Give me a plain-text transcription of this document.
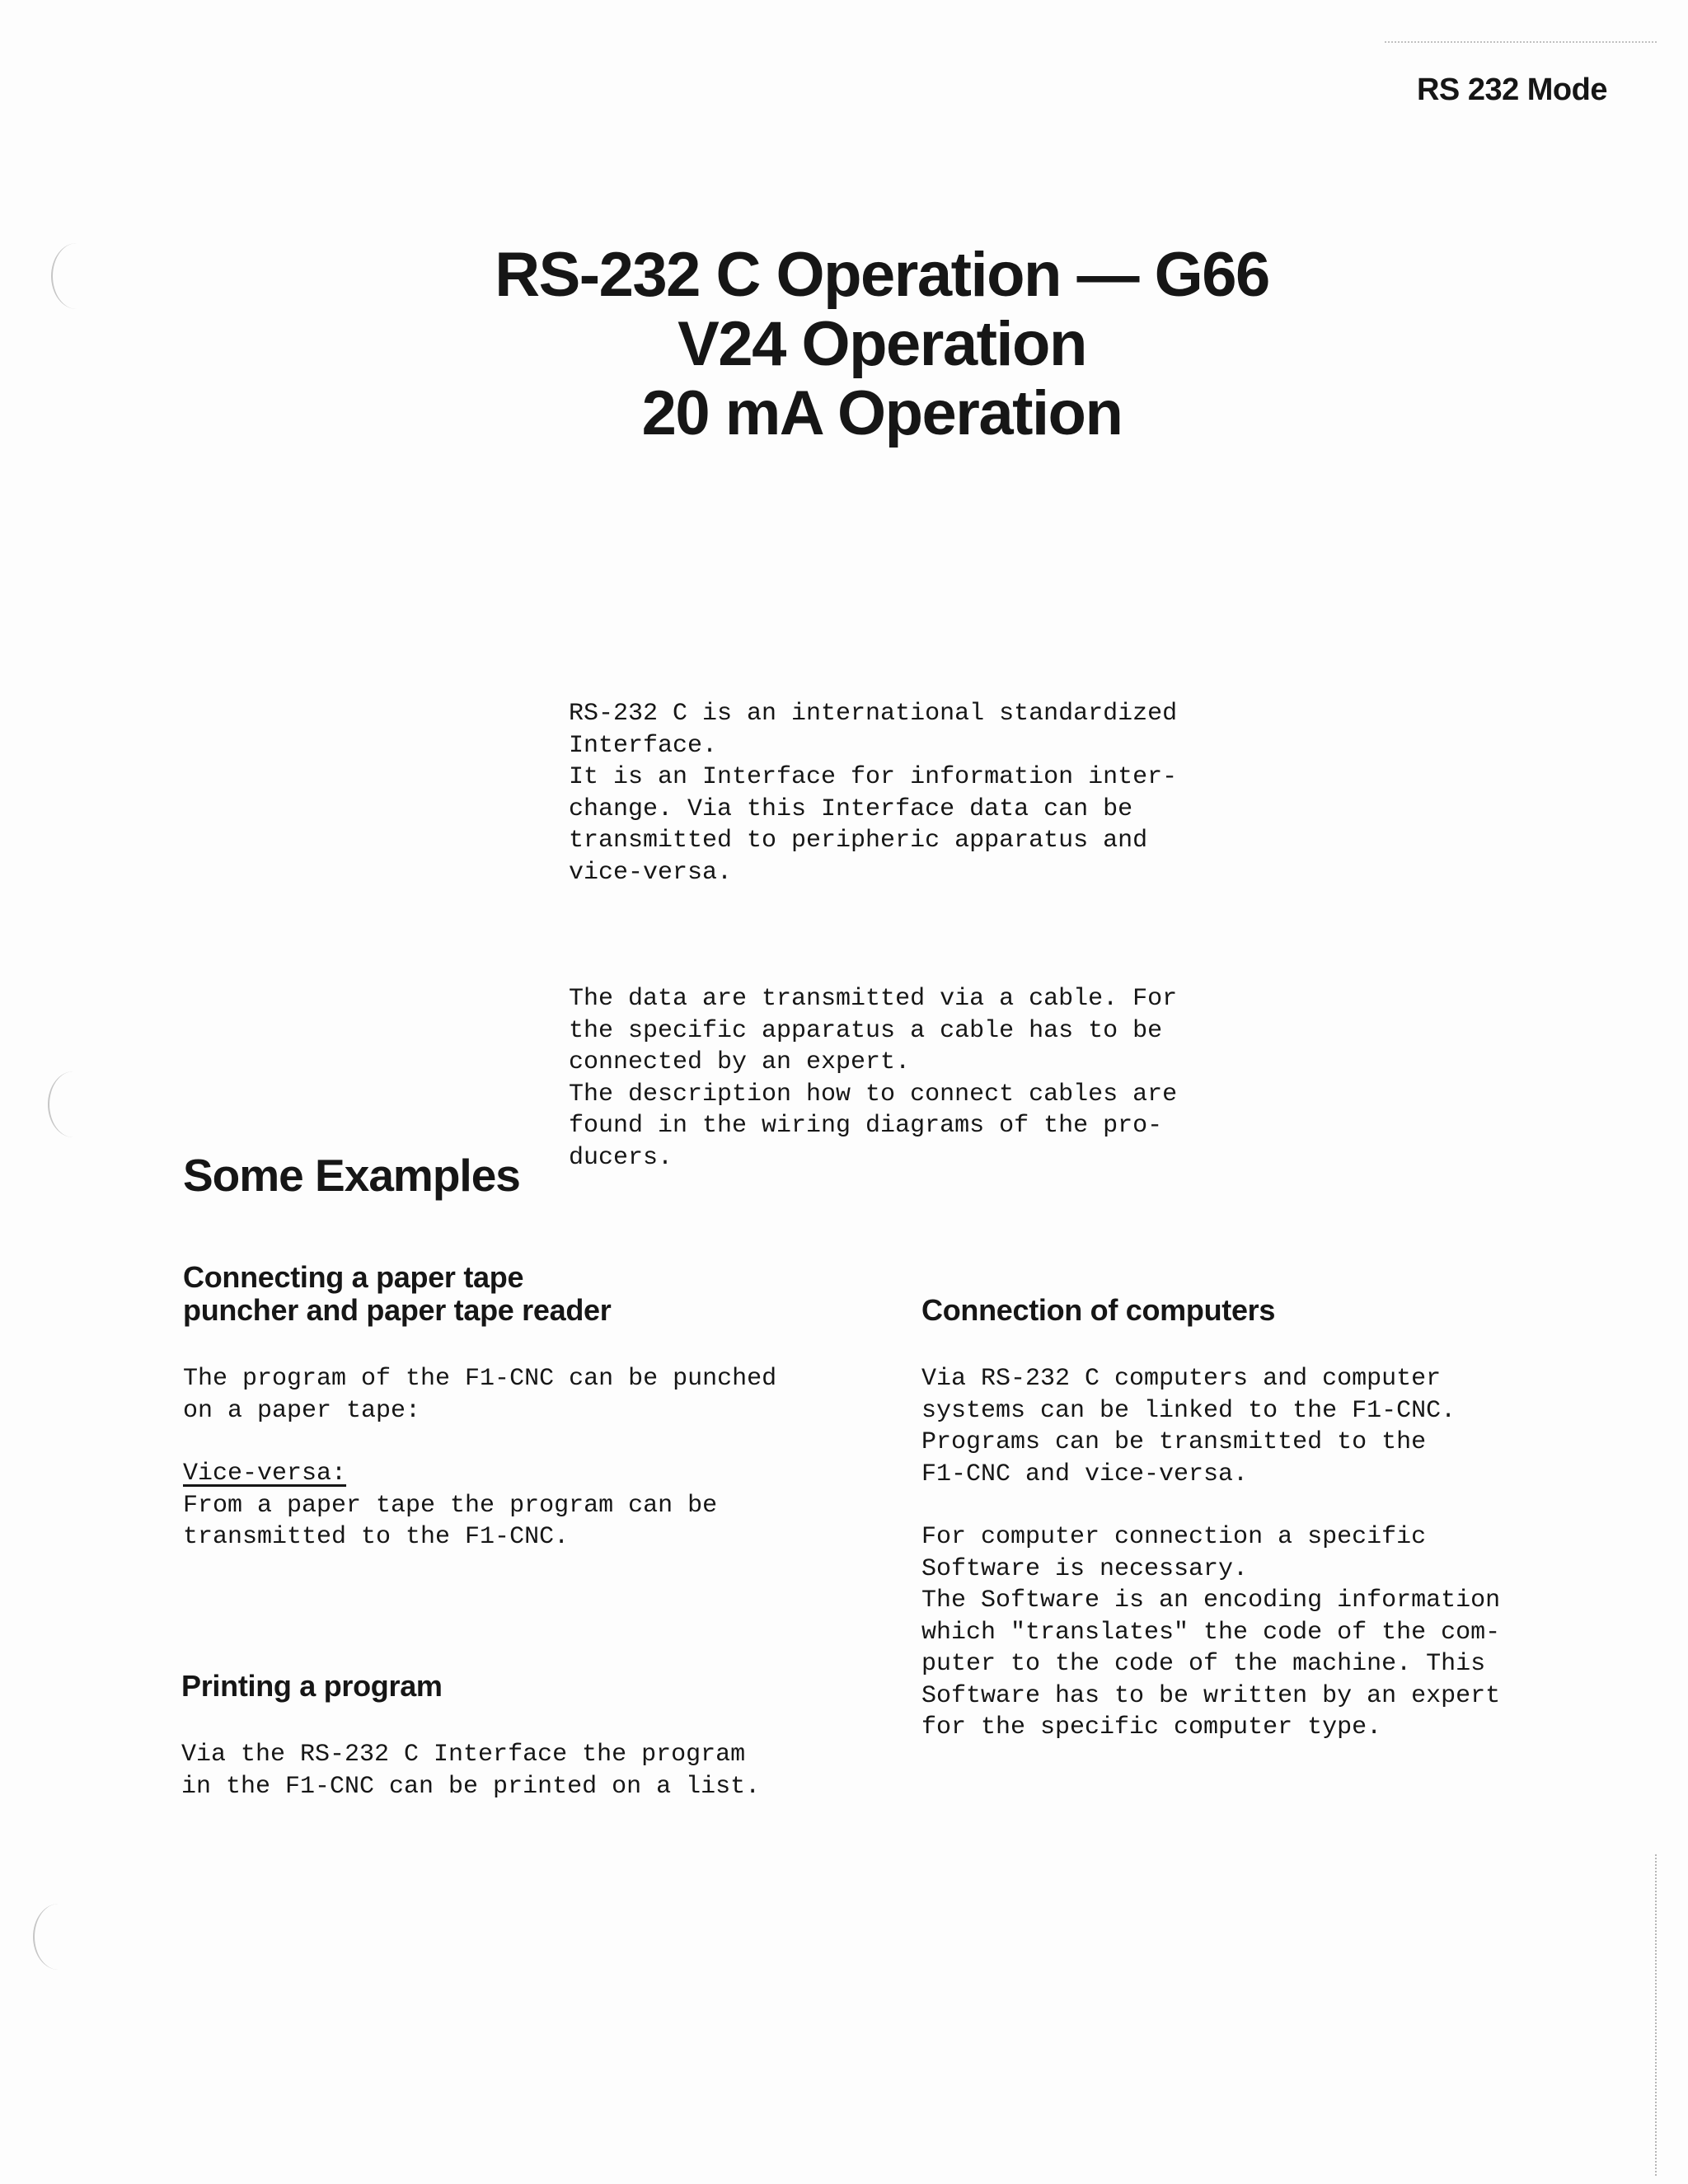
RS 232 Mode
RS-232 C Operation — G66
V24 Operation
20 mA Operation

RS-232 C is an international standardized
Interface.
It is an Interface for information inter-
change. Via this Interface data can be
transmitted to peripheric apparatus and
vice-versa.

The data are transmitted via a cable. For
the specific apparatus a cable has to be
connected by an expert.
The description how to connect cables are
found in the wiring diagrams of the pro-
ducers.

Some Examples
Connecting a paper tape
puncher and paper tape reader

The program of the F1-CNC can be punched
on a paper tape:

Vice-versa:

From a paper tape the program can be
transmitted to the F1-CNC.

Printing a program

Via the RS-232 C Interface the program
in the F1-CNC can be printed on a list.

Connection of computers

Via RS-232 C computers and computer
systems can be linked to the F1-CNC.
Programs can be transmitted to the
F1-CNC and vice-versa.

For computer connection a specific
Software is necessary.
The Software is an encoding information
which "translates" the code of the com-
puter to the code of the machine. This
Software has to be written by an expert
for the specific computer type.
